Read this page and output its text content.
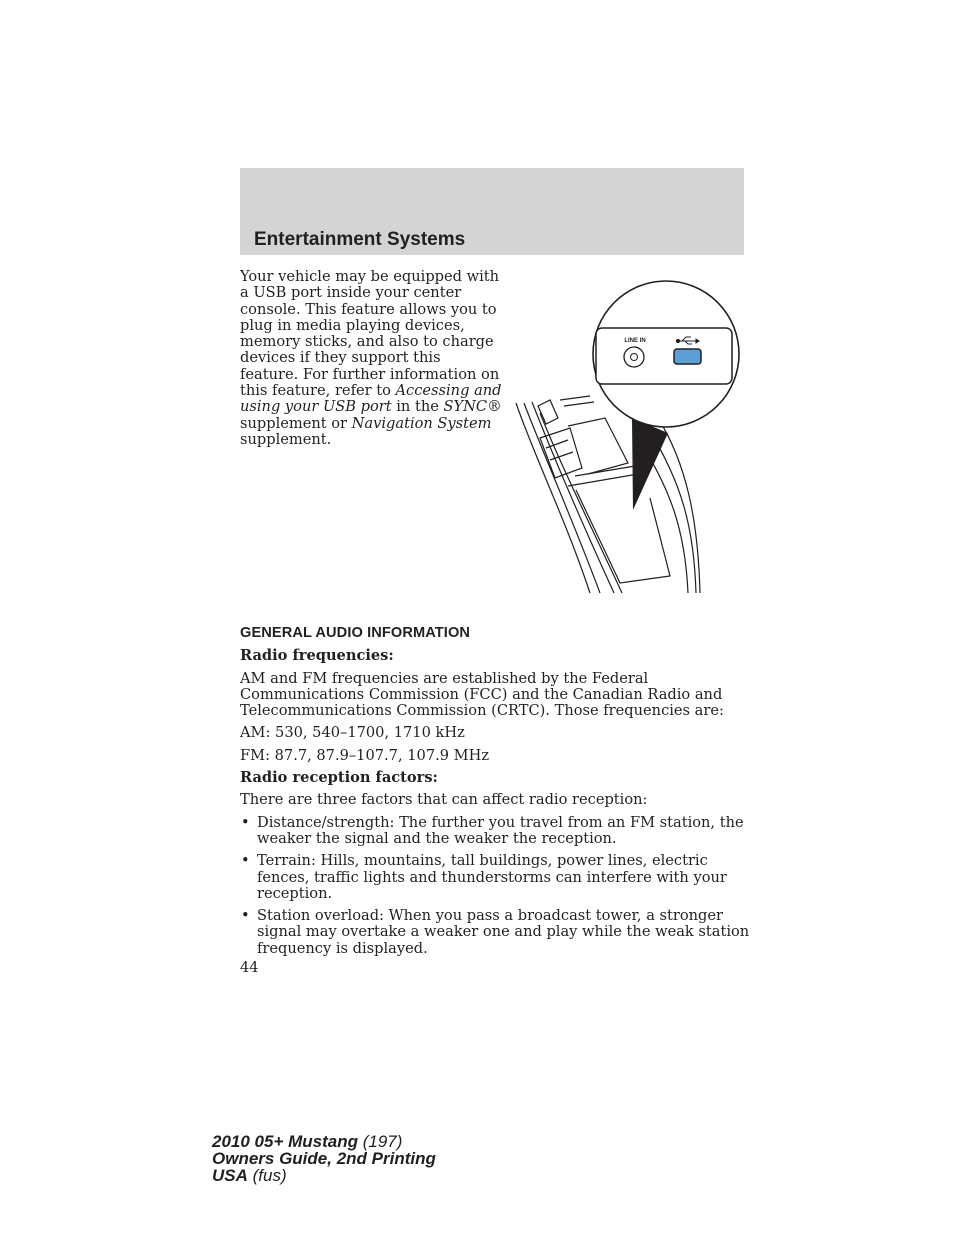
Entertainment Systems

Your vehicle may be equipped with a USB port inside your center console. This feature allows you to plug in media playing devices, memory sticks, and also to charge devices if they support this feature. For further information on this feature, refer to Accessing and using your USB port in the SYNC® supplement or Navigation System supplement.

LINE IN
GENERAL AUDIO INFORMATION

Radio frequencies:

AM and FM frequencies are established by the Federal Communications Commission (FCC) and the Canadian Radio and Telecommunications Commission (CRTC). Those frequencies are:

AM: 530, 540–1700, 1710 kHz

FM: 87.7, 87.9–107.7, 107.9 MHz

Radio reception factors:

There are three factors that can affect radio reception:

• Distance/strength: The further you travel from an FM station, the weaker the signal and the weaker the reception.
• Terrain: Hills, mountains, tall buildings, power lines, electric fences, traffic lights and thunderstorms can interfere with your reception.
• Station overload: When you pass a broadcast tower, a stronger signal may overtake a weaker one and play while the weak station frequency is displayed.

44

2010 05+ Mustang (197)
Owners Guide, 2nd Printing
USA (fus)
